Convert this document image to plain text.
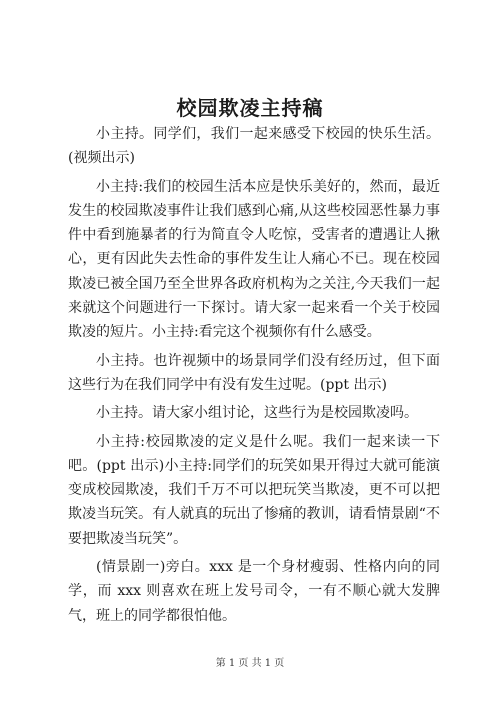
校园欺凌主持稿

小主持。同学们，我们一起来感受下校园的快乐生活。(视频出示)

小主持:我们的校园生活本应是快乐美好的，然而，最近发生的校园欺凌事件让我们感到心痛,从这些校园恶性暴力事件中看到施暴者的行为简直令人吃惊，受害者的遭遇让人揪心，更有因此失去性命的事件发生让人痛心不已。现在校园欺凌已被全国乃至全世界各政府机构为之关注,今天我们一起来就这个问题进行一下探讨。请大家一起来看一个关于校园欺凌的短片。小主持:看完这个视频你有什么感受。

小主持。也许视频中的场景同学们没有经历过，但下面这些行为在我们同学中有没有发生过呢。(ppt 出示)

小主持。请大家小组讨论，这些行为是校园欺凌吗。

小主持:校园欺凌的定义是什么呢。我们一起来读一下吧。(ppt 出示)小主持:同学们的玩笑如果开得过大就可能演变成校园欺凌，我们千万不可以把玩笑当欺凌，更不可以把欺凌当玩笑。有人就真的玩出了惨痛的教训，请看情景剧“不要把欺凌当玩笑”。

(情景剧一)旁白。xxx 是一个身材瘦弱、性格内向的同学，而 xxx 则喜欢在班上发号司令，一有不顺心就大发脾气，班上的同学都很怕他。

第 1 页 共 1 页
